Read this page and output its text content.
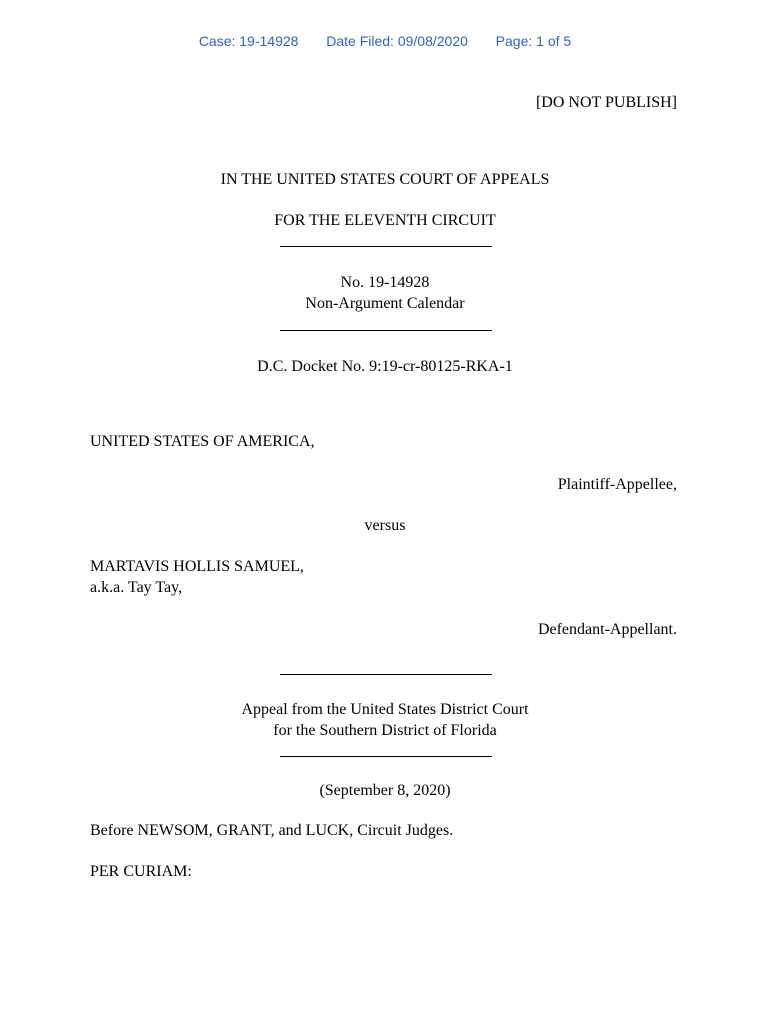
Case: 19-14928 Date Filed: 09/08/2020 Page: 1 of 5
[DO NOT PUBLISH]
IN THE UNITED STATES COURT OF APPEALS
FOR THE ELEVENTH CIRCUIT
No. 19-14928
Non-Argument Calendar
D.C. Docket No. 9:19-cr-80125-RKA-1
UNITED STATES OF AMERICA,
Plaintiff-Appellee,
versus
MARTAVIS HOLLIS SAMUEL,
a.k.a. Tay Tay,
Defendant-Appellant.
Appeal from the United States District Court
for the Southern District of Florida
(September 8, 2020)
Before NEWSOM, GRANT, and LUCK, Circuit Judges.
PER CURIAM:
